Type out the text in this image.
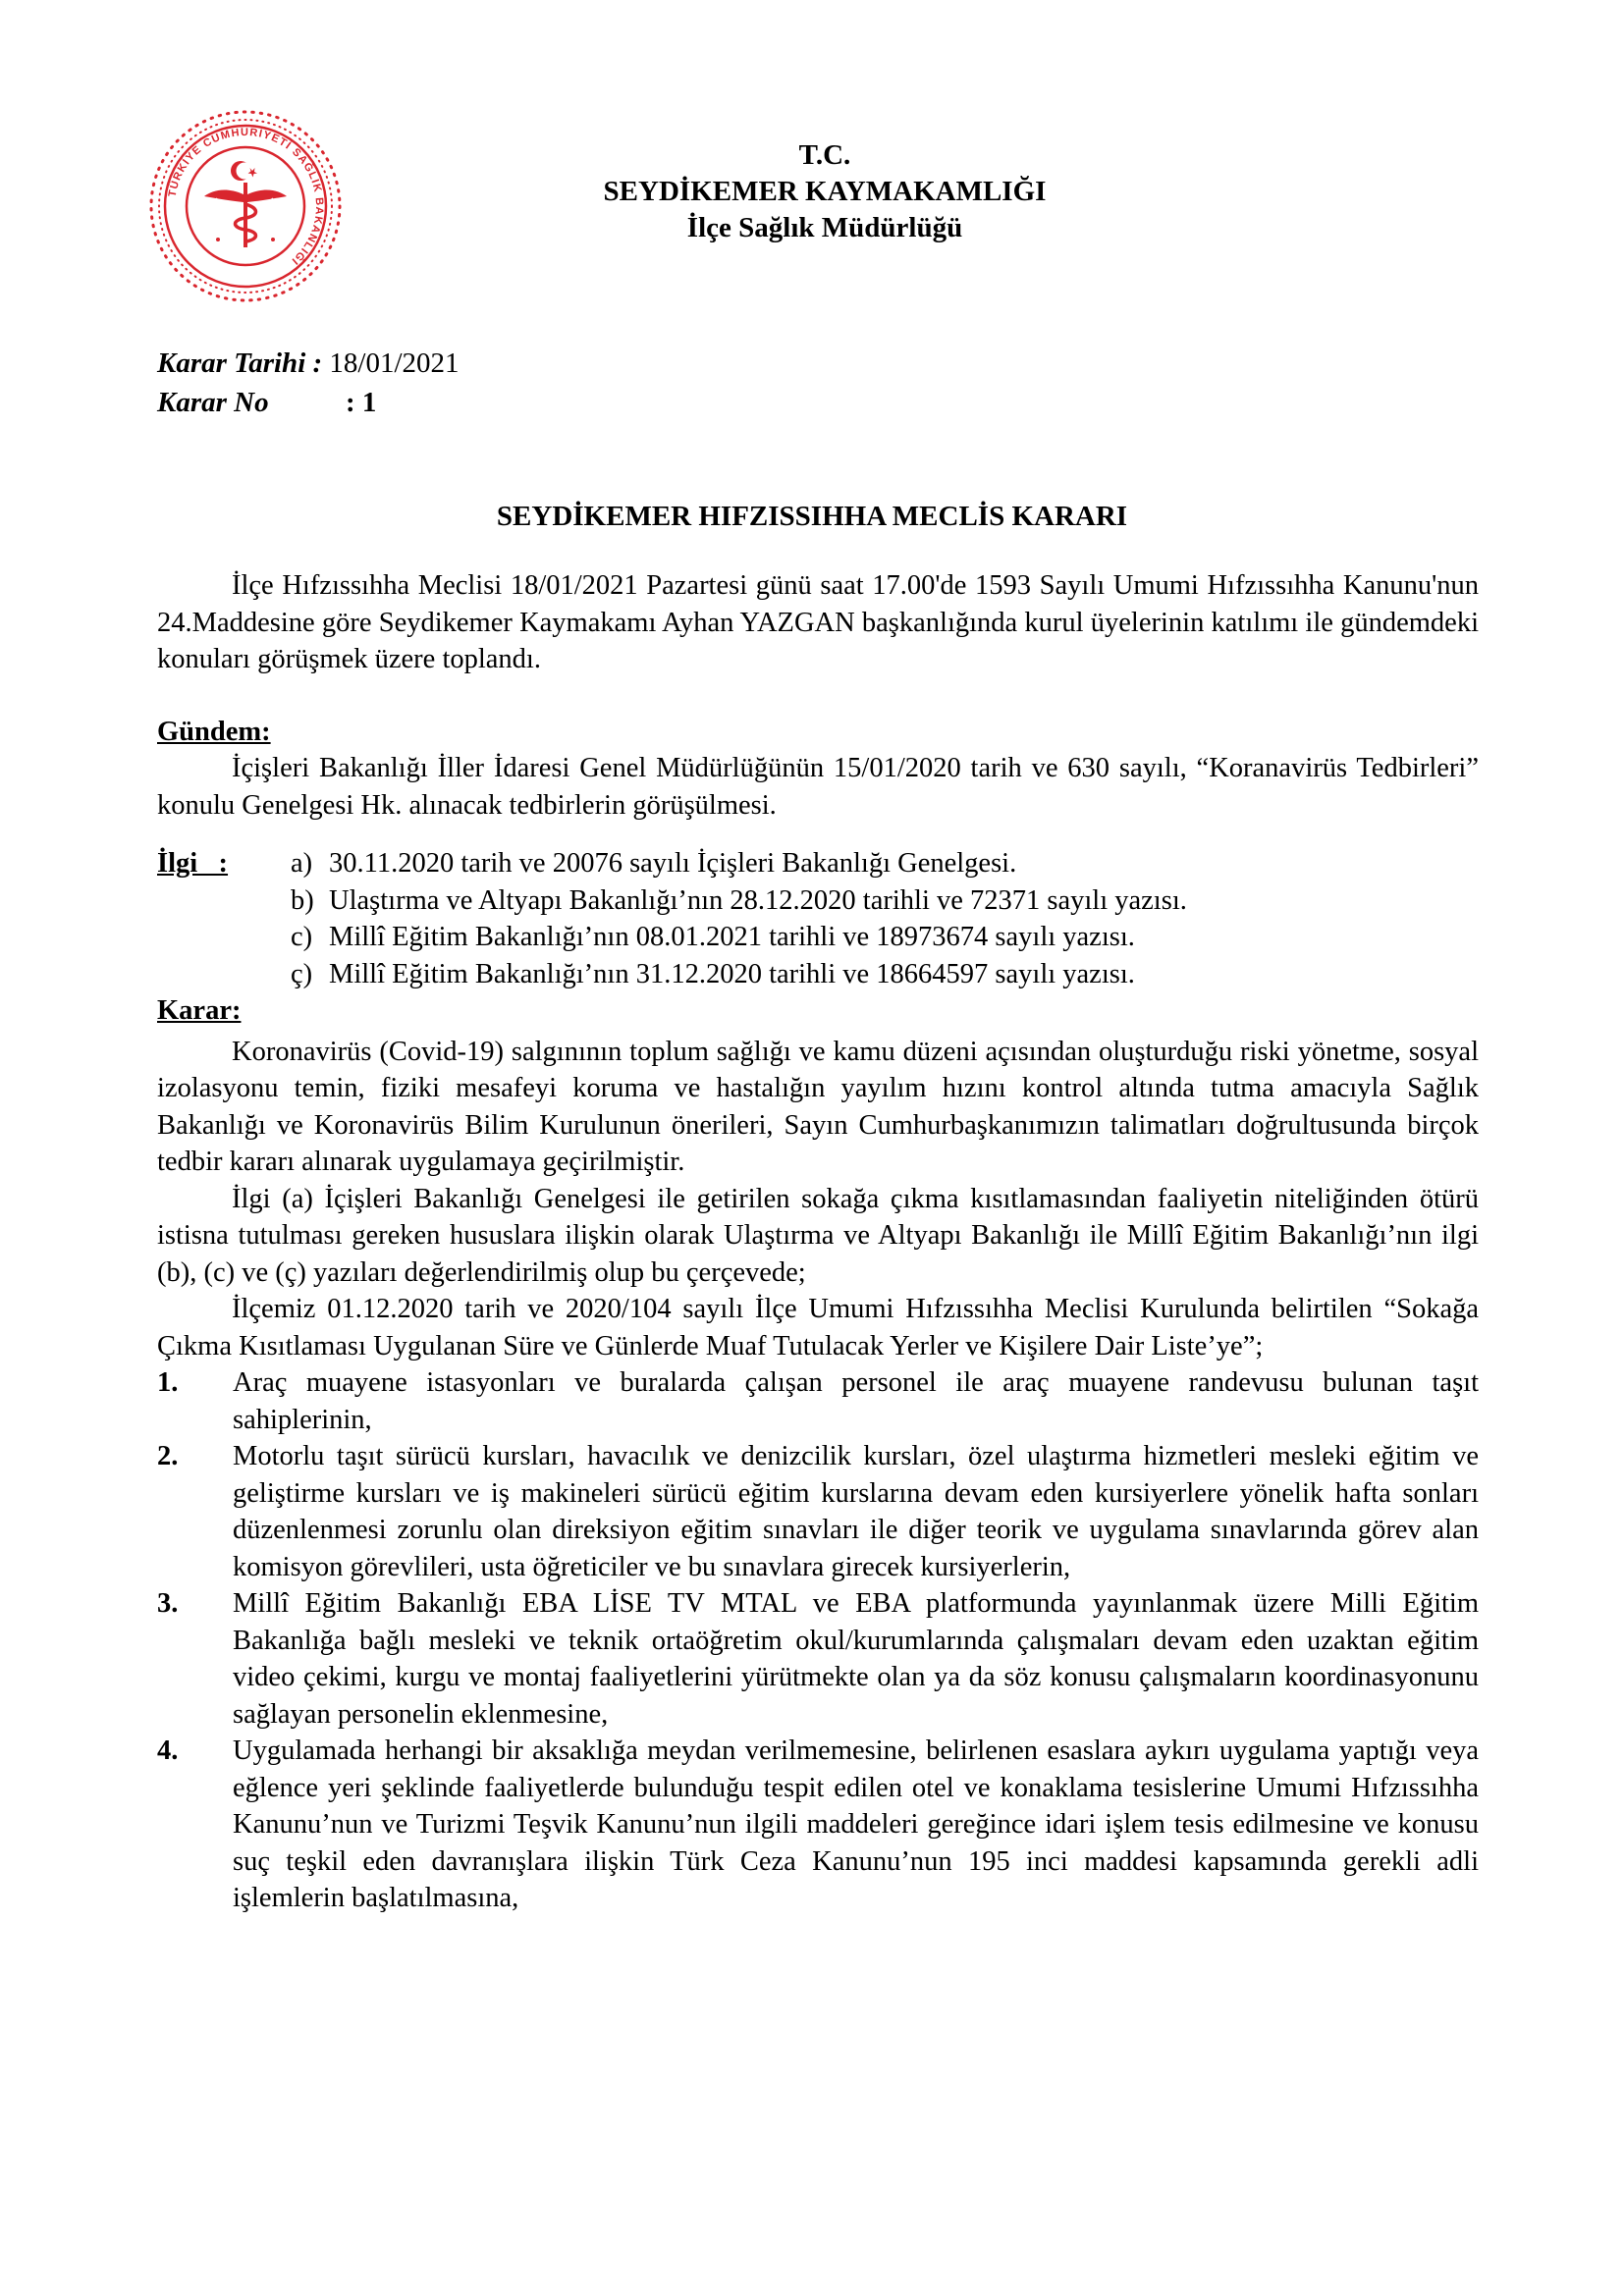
TÜRKİYE CUMHURİYETİ SAĞLIK BAKANLIĞI
T.C.
SEYDİKEMER KAYMAKAMLIĞI
İlçe Sağlık Müdürlüğü
Karar Tarihi : 18/01/2021
Karar No	: 1
SEYDİKEMER HIFZISSIHHA MECLİS KARARI

İlçe Hıfzıssıhha Meclisi 18/01/2021 Pazartesi günü saat 17.00'de 1593 Sayılı Umumi Hıfzıssıhha Kanunu'nun 24.Maddesine göre Seydikemer Kaymakamı Ayhan YAZGAN başkanlığında kurul üyelerinin katılımı ile gündemdeki konuları görüşmek üzere toplandı.

Gündem:

İçişleri Bakanlığı İller İdaresi Genel Müdürlüğünün 15/01/2020 tarih ve 630 sayılı, “Koranavirüs Tedbirleri” konulu Genelgesi Hk. alınacak tedbirlerin görüşülmesi.

İlgi   :	a) 30.11.2020 tarih ve 20076 sayılı İçişleri Bakanlığı Genelgesi.
b) Ulaştırma ve Altyapı Bakanlığı’nın 28.12.2020 tarihli ve 72371 sayılı yazısı.
c) Millî Eğitim Bakanlığı’nın 08.01.2021 tarihli ve 18973674 sayılı yazısı.
ç) Millî Eğitim Bakanlığı’nın 31.12.2020 tarihli ve 18664597 sayılı yazısı.

Karar:

Koronavirüs (Covid-19) salgınının toplum sağlığı ve kamu düzeni açısından oluşturduğu riski yönetme, sosyal izolasyonu temin, fiziki mesafeyi koruma ve hastalığın yayılım hızını kontrol altında tutma amacıyla Sağlık Bakanlığı ve Koronavirüs Bilim Kurulunun önerileri, Sayın Cumhurbaşkanımızın talimatları doğrultusunda birçok tedbir kararı alınarak uygulamaya geçirilmiştir.

İlgi (a) İçişleri Bakanlığı Genelgesi ile getirilen sokağa çıkma kısıtlamasından faaliyetin niteliğinden ötürü istisna tutulması gereken hususlara ilişkin olarak Ulaştırma ve Altyapı Bakanlığı ile Millî Eğitim Bakanlığı’nın ilgi (b), (c) ve (ç) yazıları değerlendirilmiş olup bu çerçevede;

İlçemiz 01.12.2020 tarih ve 2020/104 sayılı İlçe Umumi Hıfzıssıhha Meclisi Kurulunda belirtilen “Sokağa Çıkma Kısıtlaması Uygulanan Süre ve Günlerde Muaf Tutulacak Yerler ve Kişilere Dair Liste’ye”;

1.	Araç muayene istasyonları ve buralarda çalışan personel ile araç muayene randevusu bulunan taşıt sahiplerinin,
2.	Motorlu taşıt sürücü kursları, havacılık ve denizcilik kursları, özel ulaştırma hizmetleri mesleki eğitim ve geliştirme kursları ve iş makineleri sürücü eğitim kurslarına devam eden kursiyerlere yönelik hafta sonları düzenlenmesi zorunlu olan direksiyon eğitim sınavları ile diğer teorik ve uygulama sınavlarında görev alan komisyon görevlileri, usta öğreticiler ve bu sınavlara girecek kursiyerlerin,
3.	Millî Eğitim Bakanlığı EBA LİSE TV MTAL ve EBA platformunda yayınlanmak üzere Milli Eğitim Bakanlığa bağlı mesleki ve teknik ortaöğretim okul/kurumlarında çalışmaları devam eden uzaktan eğitim video çekimi, kurgu ve montaj faaliyetlerini yürütmekte olan ya da söz konusu çalışmaların koordinasyonunu sağlayan personelin eklenmesine,
4.	Uygulamada herhangi bir aksaklığa meydan verilmemesine, belirlenen esaslara aykırı uygulama yaptığı veya eğlence yeri şeklinde faaliyetlerde bulunduğu tespit edilen otel ve konaklama tesislerine Umumi Hıfzıssıhha Kanunu’nun ve Turizmi Teşvik Kanunu’nun ilgili maddeleri gereğince idari işlem tesis edilmesine ve konusu suç teşkil eden davranışlara ilişkin Türk Ceza Kanunu’nun 195 inci maddesi kapsamında gerekli adli işlemlerin başlatılmasına,
